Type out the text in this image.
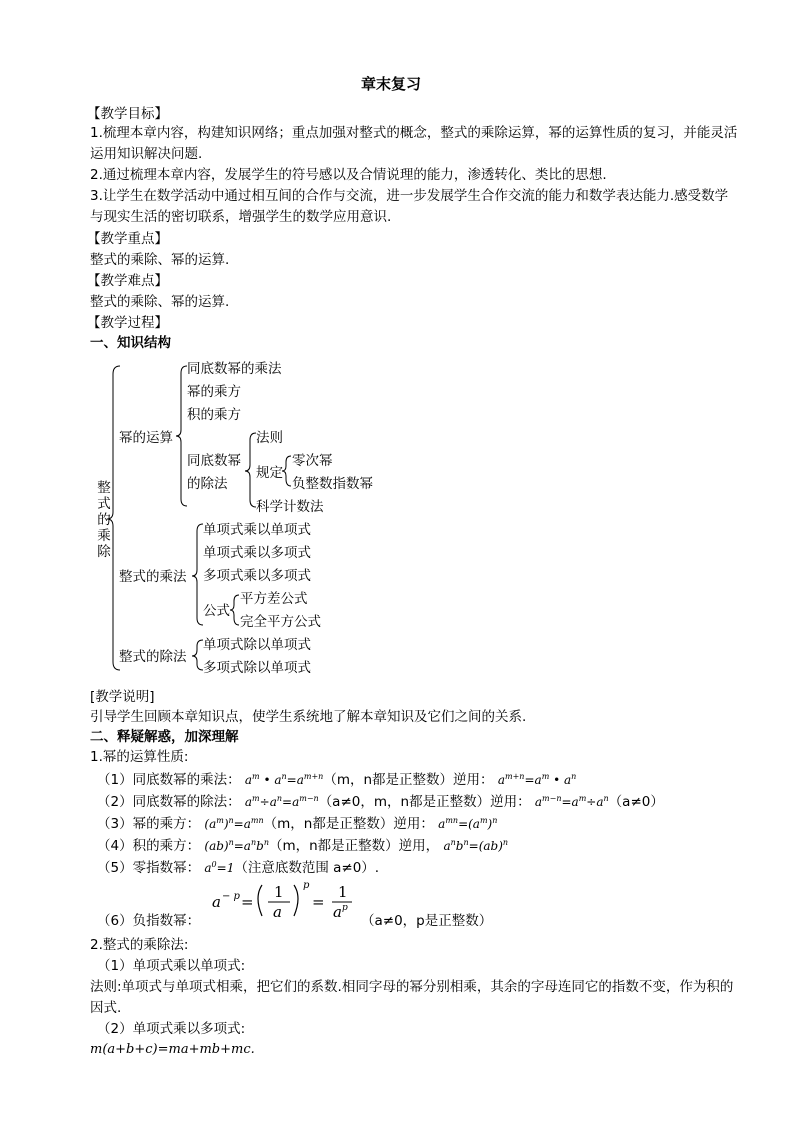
章末复习
【教学目标】
1.梳理本章内容，构建知识网络；重点加强对整式的概念，整式的乘除运算，幂的运算性质的复习，并能灵活运用知识解决问题.
2.通过梳理本章内容，发展学生的符号感以及合情说理的能力，渗透转化、类比的思想.
3.让学生在数学活动中通过相互间的合作与交流，进一步发展学生合作交流的能力和数学表达能力.感受数学与现实生活的密切联系，增强学生的数学应用意识.
【教学重点】
整式的乘除、幂的运算.
【教学难点】
整式的乘除、幂的运算.
【教学过程】
一、知识结构
整式的乘除
幂的运算
同底数幂的乘法
幂的乘方
积的乘方
同底数幂
的除法
法则
规定
零次幂
负整数指数幂
科学计数法
整式的乘法
单项式乘以单项式
单项式乘以多项式
多项式乘以多项式
公式
平方差公式
完全平方公式
整式的除法
单项式除以单项式
多项式除以单项式
[教学说明]
引导学生回顾本章知识点，使学生系统地了解本章知识及它们之间的关系.
二、释疑解惑，加深理解
1.幂的运算性质:
（1）同底数幂的乘法： $a^m$ • $a^n=a^{m+n}(m$，n都是正整数）逆用： $a^{m+n}=a^m$ • $a^n$
（2）同底数幂的除法： $a^m\div a^n=a^{m-n}(a\ne 0$，m，n都是正整数）逆用： $a^{m-n}=a^m\div a^n(a\ne 0)$
（3）幂的乘方： $(a^m)^n=a^{mn}(m$，n都是正整数）逆用： $a^{mn}=(a^m)^n$
（4）积的乘方： $(ab)^n=a^nb^n(m$，n都是正整数）逆用， $a^nb^n=(ab)^n$
（5）零指数幂： $a^0=1$（注意底数范围 a≠0）.
a − p =
1
a
p
=
1
a p
（6）负指数幂：	（a≠0，p是正整数）
2.整式的乘除法:
（1）单项式乘以单项式:
法则:单项式与单项式相乘，把它们的系数.相同字母的幂分别相乘，其余的字母连同它的指数不变，作为积的因式.
（2）单项式乘以多项式:
m(a+b+c)=ma+mb+mc.
